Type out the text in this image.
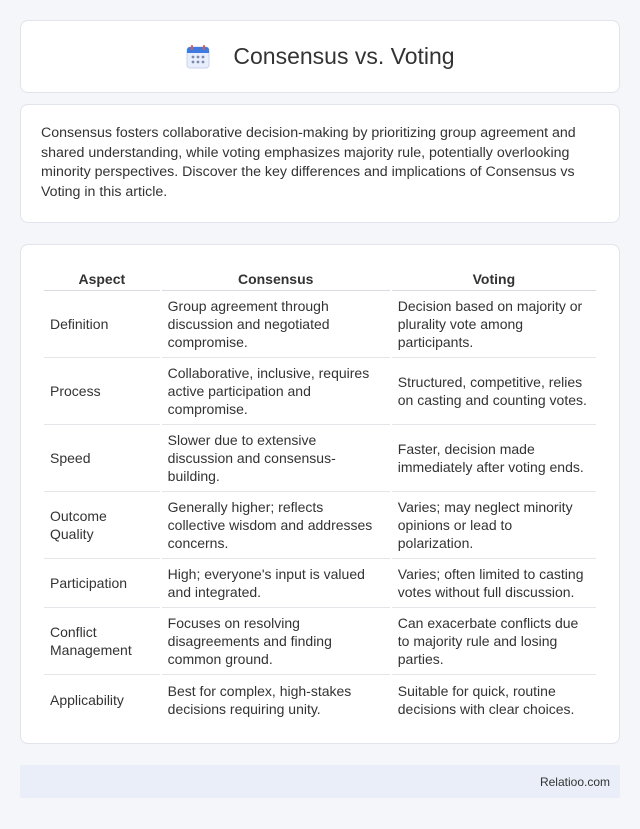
Consensus vs. Voting

Consensus fosters collaborative decision-making by prioritizing group agreement and shared understanding, while voting emphasizes majority rule, potentially overlooking minority perspectives. Discover the key differences and implications of Consensus vs Voting in this article.

Aspect	Consensus	Voting
Definition	Group agreement through discussion and negotiated compromise.	Decision based on majority or plurality vote among participants.
Process	Collaborative, inclusive, requires active participation and compromise.	Structured, competitive, relies on casting and counting votes.
Speed	Slower due to extensive discussion and consensus-building.	Faster, decision made immediately after voting ends.
Outcome Quality	Generally higher; reflects collective wisdom and addresses concerns.	Varies; may neglect minority opinions or lead to polarization.
Participation	High; everyone's input is valued and integrated.	Varies; often limited to casting votes without full discussion.
Conflict Management	Focuses on resolving disagreements and finding common ground.	Can exacerbate conflicts due to majority rule and losing parties.
Applicability	Best for complex, high-stakes decisions requiring unity.	Suitable for quick, routine decisions with clear choices.
Relatioo.com
